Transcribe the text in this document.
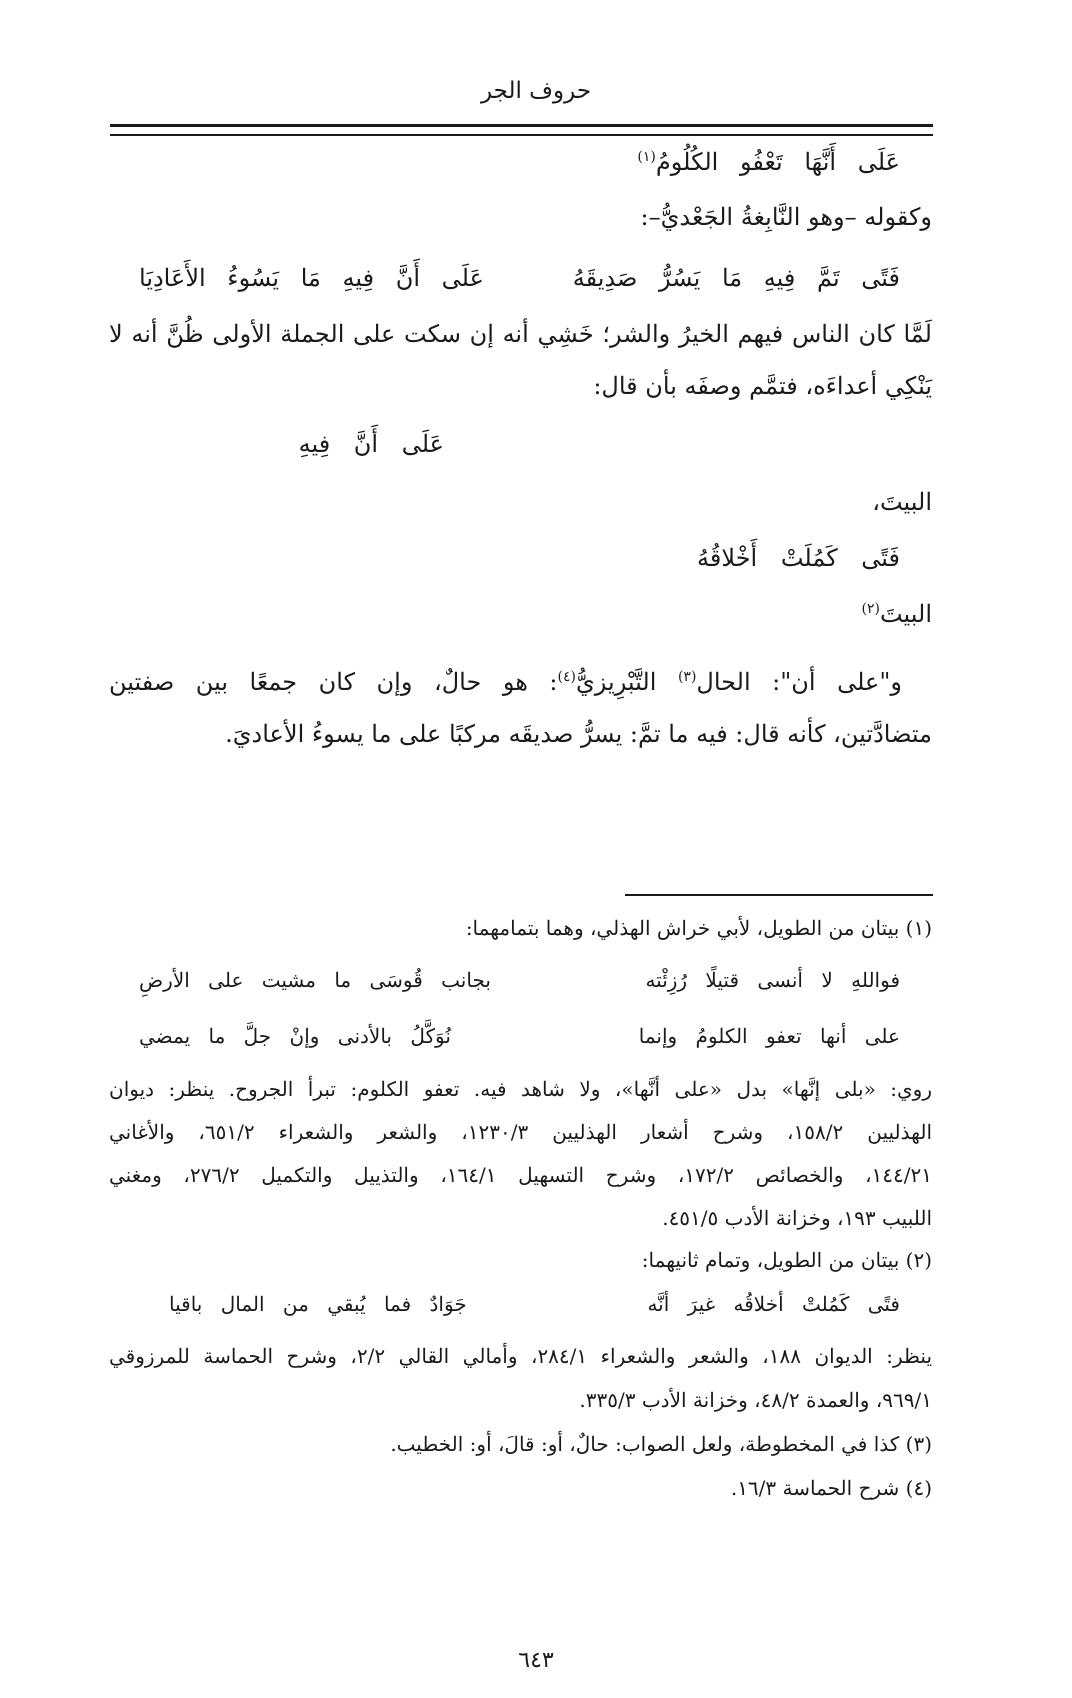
حروف الجر
عَلَى أَنَّهَا تَعْفُو الكُلُومُ$^{(١)}$
وكقوله –وهو النَّابِغةُ الجَعْديُّ–:
فَتًى تَمَّ فِيهِ مَا يَسُرُّ صَدِيقَهُ
عَلَى أَنَّ فِيهِ مَا يَسُوءُ الأَعَادِيَا
لَمَّا كان الناس فيهم الخيرُ والشر؛ خَشِي أنه إن سكت على الجملة الأولى ظُنَّ أنه لا
يَنْكِي أعداءَه، فتمَّم وصفَه بأن قال:
عَلَى أَنَّ فِيهِ
البيتَ،
فَتًى كَمُلَتْ أَخْلاقُهُ
البيتَ$^{(٢)}$
و"على أن": الحال$^{(٣)}$ التَّبْرِيزيُّ$^{(٤)}$: هو حالٌ، وإن كان جمعًا بين صفتين
متضادَّتين، كأنه قال: فيه ما تمَّ: يسرُّ صديقَه مركبًا على ما يسوءُ الأعاديَ.
(١) بيتان من الطويل، لأبي خراش الهذلي، وهما بتمامهما:
فواللهِ لا أنسى قتيلًا رُزِئْته
بجانب قُوسَى ما مشيت على الأرضِ
على أنها تعفو الكلومُ وإنما
نُوَكَّلُ بالأدنى وإنْ جلَّ ما يمضي
روي: «بلى إنَّها» بدل «على أنَّها»، ولا شاهد فيه. تعفو الكلوم: تبرأ الجروح. ينظر: ديوان
الهذليين ١٥٨/٢، وشرح أشعار الهذليين ١٢٣٠/٣، والشعر والشعراء ٦٥١/٢، والأغاني
١٤٤/٢١، والخصائص ١٧٢/٢، وشرح التسهيل ١٦٤/١، والتذييل والتكميل ٢٧٦/٢، ومغني
اللبيب ١٩٣، وخزانة الأدب ٤٥١/٥.
(٢) بيتان من الطويل، وتمام ثانيهما:
فتًى كَمُلتْ أخلاقُه غيرَ أنَّه
جَوَادٌ فما يُبقي من المال باقيا
ينظر: الديوان ١٨٨، والشعر والشعراء ٢٨٤/١، وأمالي القالي ٢/٢، وشرح الحماسة للمرزوقي
٩٦٩/١، والعمدة ٤٨/٢، وخزانة الأدب ٣٣٥/٣.
(٣) كذا في المخطوطة، ولعل الصواب: حالٌ، أو: قالَ، أو: الخطيب.
(٤) شرح الحماسة ١٦/٣.
٦٤٣
